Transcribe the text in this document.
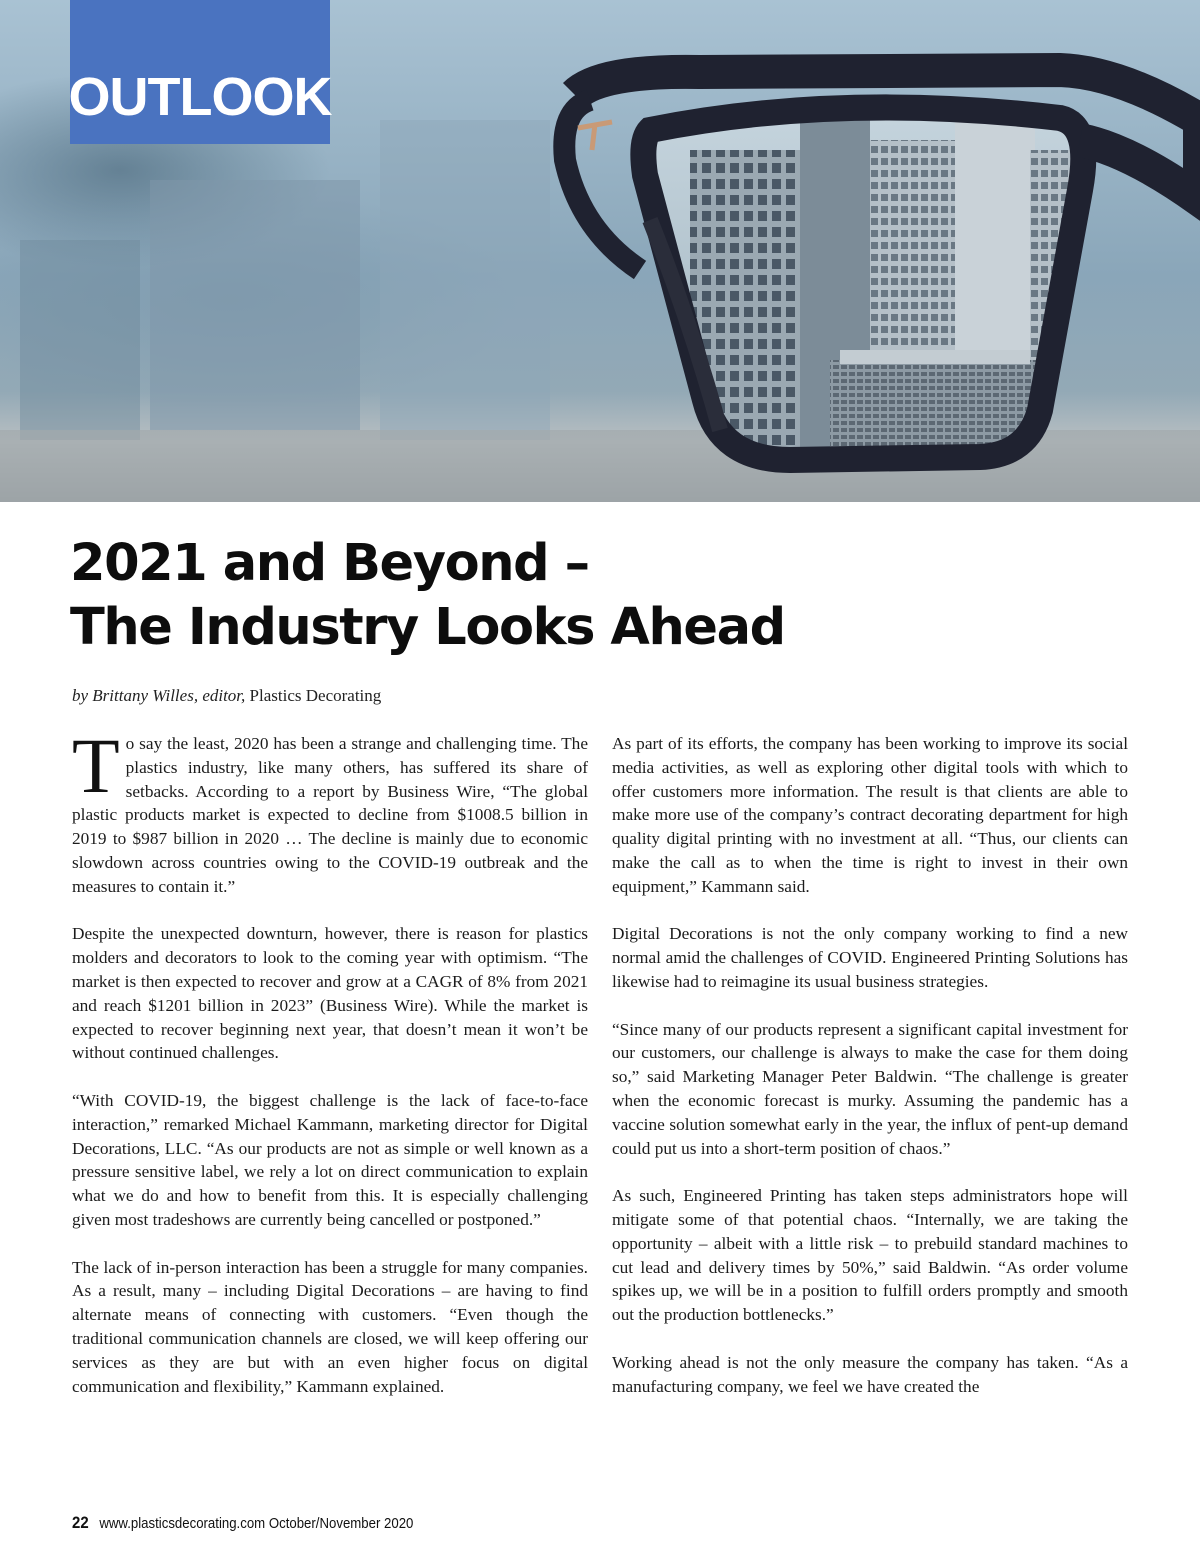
OUTLOOK
2021 and Beyond –
The Industry Looks Ahead
by Brittany Willes, editor, Plastics Decorating

To say the least, 2020 has been a strange and challenging time. The plastics industry, like many others, has suffered its share of setbacks. According to a report by Business Wire, “The global plastic products market is expected to decline from $1008.5 billion in 2019 to $987 billion in 2020 … The decline is mainly due to economic slowdown across countries owing to the COVID-19 outbreak and the measures to contain it.”

Despite the unexpected downturn, however, there is reason for plastics molders and decorators to look to the coming year with optimism. “The market is then expected to recover and grow at a CAGR of 8% from 2021 and reach $1201 billion in 2023” (Business Wire). While the market is expected to recover beginning next year, that doesn’t mean it won’t be without continued challenges.

“With COVID-19, the biggest challenge is the lack of face-to-face interaction,” remarked Michael Kammann, marketing director for Digital Decorations, LLC. “As our products are not as simple or well known as a pressure sensitive label, we rely a lot on direct communication to explain what we do and how to benefit from this. It is especially challenging given most tradeshows are currently being cancelled or postponed.”

The lack of in-person interaction has been a struggle for many companies. As a result, many – including Digital Decorations – are having to find alternate means of connecting with customers. “Even though the traditional communication channels are closed, we will keep offering our services as they are but with an even higher focus on digital communication and flexibility,” Kammann explained.

As part of its efforts, the company has been working to improve its social media activities, as well as exploring other digital tools with which to offer customers more information. The result is that clients are able to make more use of the company’s contract decorating department for high quality digital printing with no investment at all. “Thus, our clients can make the call as to when the time is right to invest in their own equipment,” Kammann said.

Digital Decorations is not the only company working to find a new normal amid the challenges of COVID. Engineered Printing Solutions has likewise had to reimagine its usual business strategies.

“Since many of our products represent a significant capital investment for our customers, our challenge is always to make the case for them doing so,” said Marketing Manager Peter Baldwin. “The challenge is greater when the economic forecast is murky. Assuming the pandemic has a vaccine solution somewhat early in the year, the influx of pent-up demand could put us into a short-term position of chaos.”

As such, Engineered Printing has taken steps administrators hope will mitigate some of that potential chaos. “Internally, we are taking the opportunity – albeit with a little risk – to prebuild standard machines to cut lead and delivery times by 50%,” said Baldwin. “As order volume spikes up, we will be in a position to fulfill orders promptly and smooth out the production bottlenecks.”

Working ahead is not the only measure the company has taken. “As a manufacturing company, we feel we have created the

22 www.plasticsdecorating.com October/November 2020
